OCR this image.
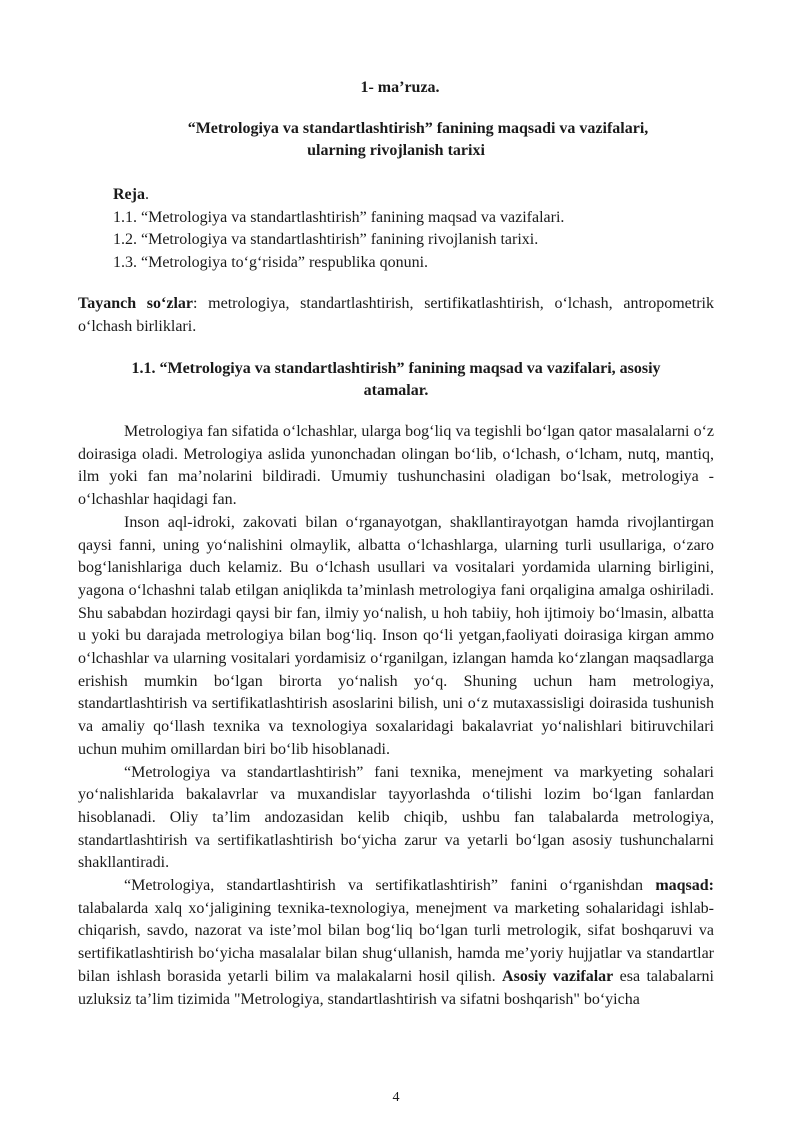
1- ma’ruza.
“Metrologiya va standartlashtirish” fanining maqsadi va vazifalari,
ularning rivojlanish tarixi

Reja.

1.1. “Metrologiya va standartlashtirish” fanining maqsad va vazifalari.

1.2. “Metrologiya va standartlashtirish” fanining rivojlanish tarixi.

1.3. “Metrologiya to‘g‘risida” respublika qonuni.

Tayanch so‘zlar: metrologiya, standartlashtirish, sertifikatlashtirish, o‘lchash, antropometrik o‘lchash birliklari.
1.1. “Metrologiya va standartlashtirish” fanining maqsad va vazifalari, asosiy
atamalar.

Metrologiya fan sifatida o‘lchashlar, ularga bog‘liq va tegishli bo‘lgan qator masalalarni o‘z doirasiga oladi. Metrologiya aslida yunonchadan olingan bo‘lib, o‘lchash, o‘lcham, nutq, mantiq, ilm yoki fan ma’nolarini bildiradi. Umumiy tushunchasini oladigan bo‘lsak, metrologiya - o‘lchashlar haqidagi fan.

Inson aql-idroki, zakovati bilan o‘rganayotgan, shakllantirayotgan hamda rivojlantirgan qaysi fanni, uning yo‘nalishini olmaylik, albatta o‘lchashlarga, ularning turli usullariga, o‘zaro bog‘lanishlariga duch kelamiz. Bu o‘lchash usullari va vositalari yordamida ularning birligini, yagona o‘lchashni talab etilgan aniqlikda ta’minlash metrologiya fani orqaligina amalga oshiriladi. Shu sababdan hozirdagi qaysi bir fan, ilmiy yo‘nalish, u hoh tabiiy, hoh ijtimoiy bo‘lmasin, albatta u yoki bu darajada metrologiya bilan bog‘liq. Inson qo‘li yetgan,faoliyati doirasiga kirgan ammo o‘lchashlar va ularning vositalari yordamisiz o‘rganilgan, izlangan hamda ko‘zlangan maqsadlarga erishish mumkin bo‘lgan birorta yo‘nalish yo‘q. Shuning uchun ham metrologiya, standartlashtirish va sertifikatlashtirish asoslarini bilish, uni o‘z mutaxassisligi doirasida tushunish va amaliy qo‘llash texnika va texnologiya soxalaridagi bakalavriat yo‘nalishlari bitiruvchilari uchun muhim omillardan biri bo‘lib hisoblanadi.

“Metrologiya va standartlashtirish” fani texnika, menejment va markyeting sohalari yo‘nalishlarida bakalavrlar va muxandislar tayyorlashda o‘tilishi lozim bo‘lgan fanlardan hisoblanadi. Oliy ta’lim andozasidan kelib chiqib, ushbu fan talabalarda metrologiya, standartlashtirish va sertifikatlashtirish bo‘yicha zarur va yetarli bo‘lgan asosiy tushunchalarni shakllantiradi.

“Metrologiya, standartlashtirish va sertifikatlashtirish” fanini o‘rganishdan maqsad: talabalarda xalq xo‘jaligining texnika-texnologiya, menejment va marketing sohalaridagi ishlab-chiqarish, savdo, nazorat va iste’mol bilan bog‘liq bo‘lgan turli metrologik, sifat boshqaruvi va sertifikatlashtirish bo‘yicha masalalar bilan shug‘ullanish, hamda me’yoriy hujjatlar va standartlar bilan ishlash borasida yetarli bilim va malakalarni hosil qilish. Asosiy vazifalar esa talabalarni uzluksiz ta’lim tizimida "Metrologiya, standartlashtirish va sifatni boshqarish" bo‘yicha

4
